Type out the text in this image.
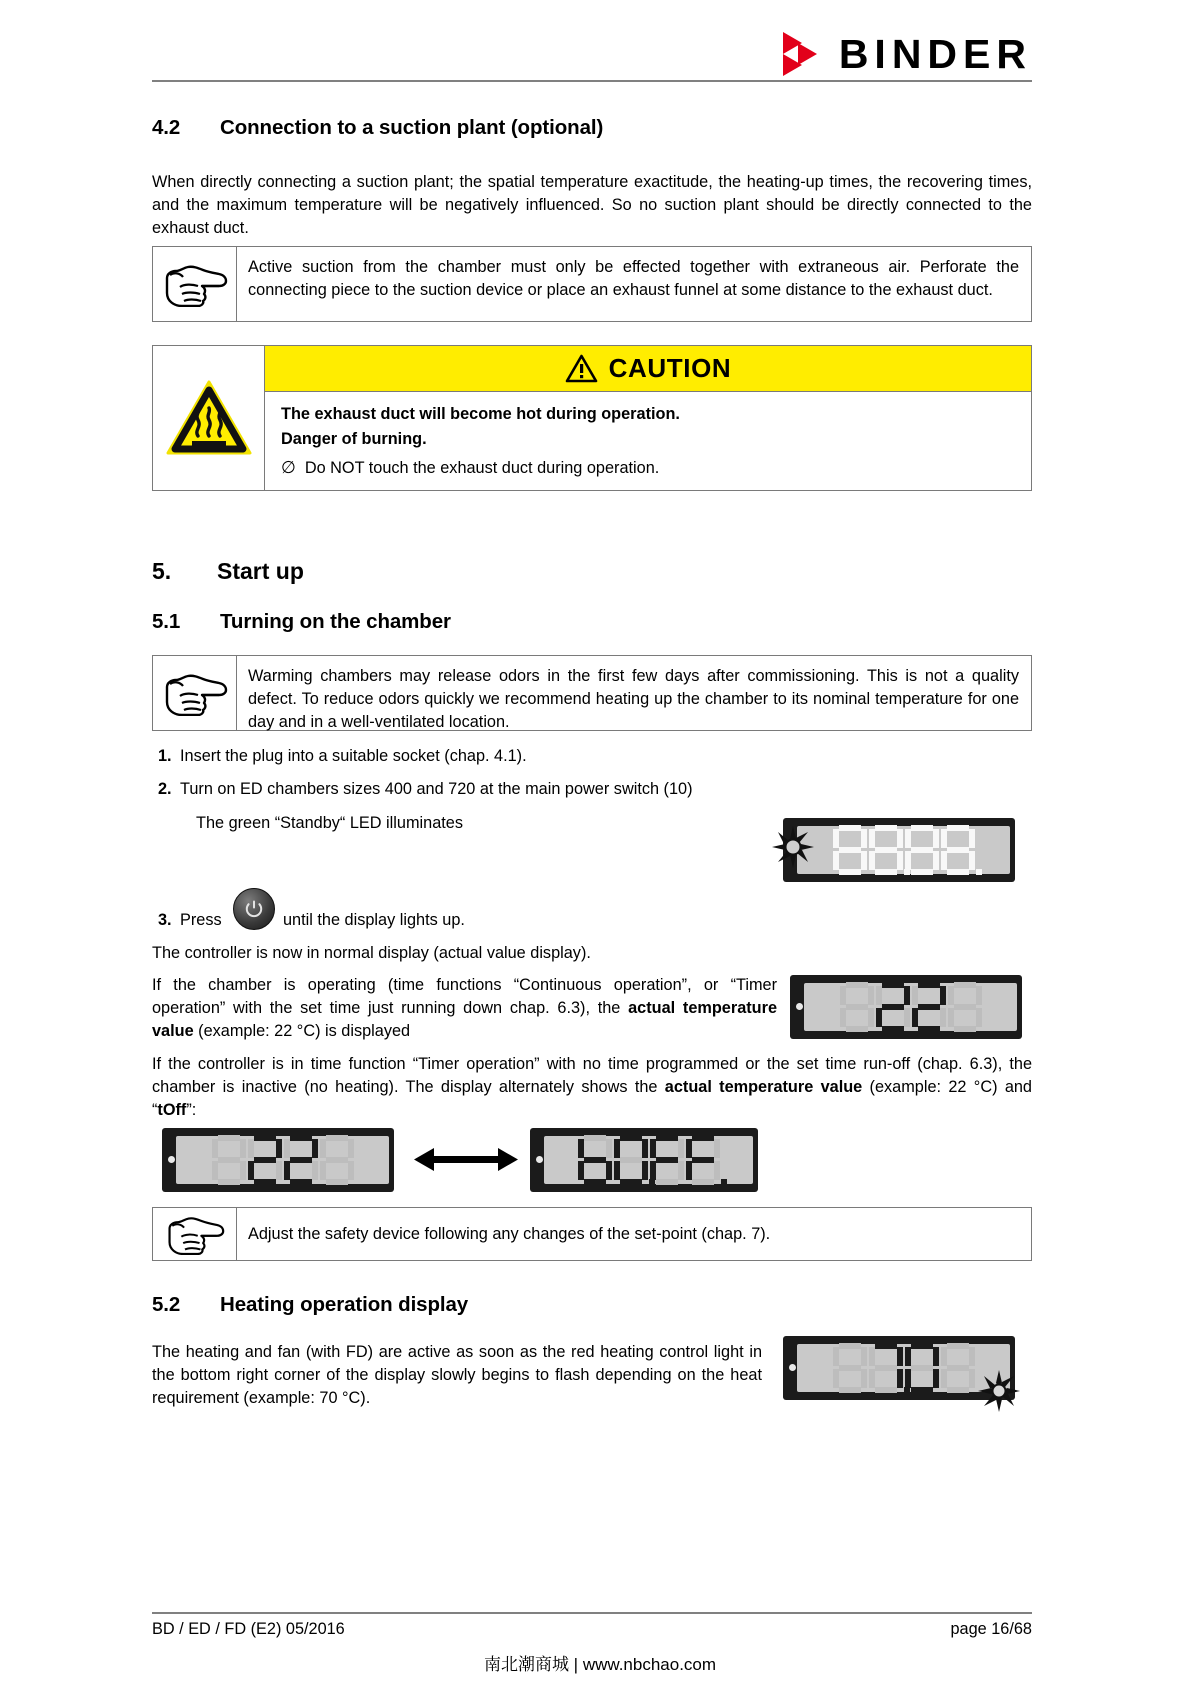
BINDER
4.2 Connection to a suction plant (optional)
When directly connecting a suction plant; the spatial temperature exactitude, the heating-up times, the recovering times, and the maximum temperature will be negatively influenced. So no suction plant should be directly connected to the exhaust duct.
Active suction from the chamber must only be effected together with extraneous air. Perforate the connecting piece to the suction device or place an exhaust funnel at some distance to the exhaust duct.
CAUTION
The exhaust duct will become hot during operation.
Danger of burning.
∅ Do NOT touch the exhaust duct during operation.
5. Start up
5.1 Turning on the chamber
Warming chambers may release odors in the first few days after commissioning. This is not a quality defect. To reduce odors quickly we recommend heating up the chamber to its nominal temperature for one day and in a well-ventilated location.
1. Insert the plug into a suitable socket (chap. 4.1).
2. Turn on ED chambers sizes 400 and 720 at the main power switch (10)
The green “Standby“ LED illuminates
3. Press	until the display lights up.
The controller is now in normal display (actual value display).
If the chamber is operating (time functions “Continuous operation”, or “Timer operation” with the set time just running down chap. 6.3), the actual temperature value (example: 22 °C) is displayed
If the controller is in time function “Timer operation” with no time programmed or the set time run-off (chap. 6.3), the chamber is inactive (no heating). The display alternately shows the actual temperature value (example: 22 °C) and “tOff”:
Adjust the safety device following any changes of the set-point (chap. 7).
5.2 Heating operation display
The heating and fan (with FD) are active as soon as the red heating control light in the bottom right corner of the display slowly begins to flash depending on the heat requirement (example: 70 °C).
BD / ED / FD (E2) 05/2016	page 16/68
南北潮商城 | www.nbchao.com
